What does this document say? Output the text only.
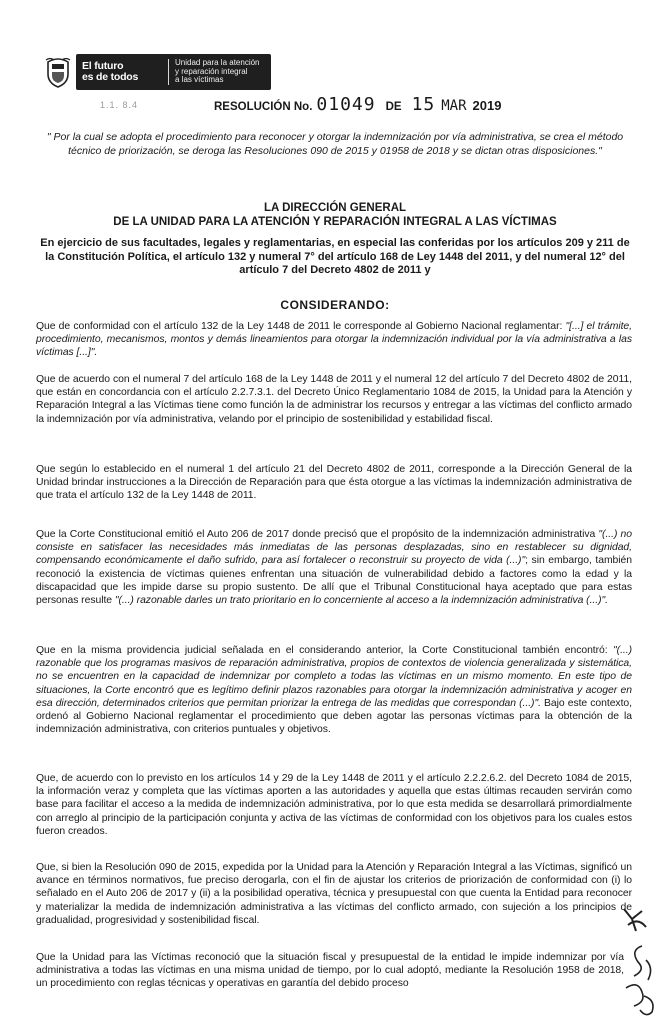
El futuro
es de todos
Unidad para la atención
y reparación integral
a las víctimas
1.1. 8.4	RESOLUCIÓN No. 01049 DE 15 MAR 2019
" Por la cual se adopta el procedimiento para reconocer y otorgar la indemnización por vía administrativa, se crea el método técnico de priorización, se deroga las Resoluciones 090 de 2015 y 01958 de 2018 y se dictan otras disposiciones."
LA DIRECCIÓN GENERAL
DE LA UNIDAD PARA LA ATENCIÓN Y REPARACIÓN INTEGRAL A LAS VÍCTIMAS
En ejercicio de sus facultades, legales y reglamentarias, en especial las conferidas por los artículos 209 y 211 de la Constitución Política, el artículo 132 y numeral 7° del artículo 168 de Ley 1448 del 2011, y del numeral 12° del artículo 7 del Decreto 4802 de 2011 y
CONSIDERANDO:
Que de conformidad con el artículo 132 de la Ley 1448 de 2011 le corresponde al Gobierno Nacional reglamentar: "[...] el trámite, procedimiento, mecanismos, montos y demás lineamientos para otorgar la indemnización individual por la vía administrativa a las víctimas [...]".
Que de acuerdo con el numeral 7 del artículo 168 de la Ley 1448 de 2011 y el numeral 12 del artículo 7 del Decreto 4802 de 2011, que están en concordancia con el artículo 2.2.7.3.1. del Decreto Único Reglamentario 1084 de 2015, la Unidad para la Atención y Reparación Integral a las Víctimas tiene como función la de administrar los recursos y entregar a las víctimas del conflicto armado la indemnización por vía administrativa, velando por el principio de sostenibilidad y estabilidad fiscal.
Que según lo establecido en el numeral 1 del artículo 21 del Decreto 4802 de 2011, corresponde a la Dirección General de la Unidad brindar instrucciones a la Dirección de Reparación para que ésta otorgue a las víctimas la indemnización administrativa de que trata el artículo 132 de la Ley 1448 de 2011.
Que la Corte Constitucional emitió el Auto 206 de 2017 donde precisó que el propósito de la indemnización administrativa "(...) no consiste en satisfacer las necesidades más inmediatas de las personas desplazadas, sino en restablecer su dignidad, compensando económicamente el daño sufrido, para así fortalecer o reconstruir su proyecto de vida (...)"; sin embargo, también reconoció la existencia de víctimas quienes enfrentan una situación de vulnerabilidad debido a factores como la edad y la discapacidad que les impide darse su propio sustento. De allí que el Tribunal Constitucional haya aceptado que para estas personas resulte "(...) razonable darles un trato prioritario en lo concerniente al acceso a la indemnización administrativa (...)".
Que en la misma providencia judicial señalada en el considerando anterior, la Corte Constitucional también encontró: "(...) razonable que los programas masivos de reparación administrativa, propios de contextos de violencia generalizada y sistemática, no se encuentren en la capacidad de indemnizar por completo a todas las víctimas en un mismo momento. En este tipo de situaciones, la Corte encontró que es legítimo definir plazos razonables para otorgar la indemnización administrativa y acoger en esa dirección, determinados criterios que permitan priorizar la entrega de las medidas que correspondan (...)". Bajo este contexto, ordenó al Gobierno Nacional reglamentar el procedimiento que deben agotar las personas víctimas para la obtención de la indemnización administrativa, con criterios puntuales y objetivos.
Que, de acuerdo con lo previsto en los artículos 14 y 29 de la Ley 1448 de 2011 y el artículo 2.2.2.6.2. del Decreto 1084 de 2015, la información veraz y completa que las víctimas aporten a las autoridades y aquella que estas últimas recauden servirán como base para facilitar el acceso a la medida de indemnización administrativa, por lo que esta medida se desarrollará primordialmente con arreglo al principio de la participación conjunta y activa de las víctimas de conformidad con los objetivos para los cuales estos fueron creados.
Que, si bien la Resolución 090 de 2015, expedida por la Unidad para la Atención y Reparación Integral a las Víctimas, significó un avance en términos normativos, fue preciso derogarla, con el fin de ajustar los criterios de priorización de conformidad con (i) lo señalado en el Auto 206 de 2017 y (ii) a la posibilidad operativa, técnica y presupuestal con que cuenta la Entidad para reconocer y materializar la medida de indemnización administrativa a las víctimas del conflicto armado, con sujeción a los principios de gradualidad, progresividad y sostenibilidad fiscal.
Que la Unidad para las Víctimas reconoció que la situación fiscal y presupuestal de la entidad le impide indemnizar por vía administrativa a todas las víctimas en una misma unidad de tiempo, por lo cual adoptó, mediante la Resolución 1958 de 2018, un procedimiento con reglas técnicas y operativas en garantía del debido proceso
